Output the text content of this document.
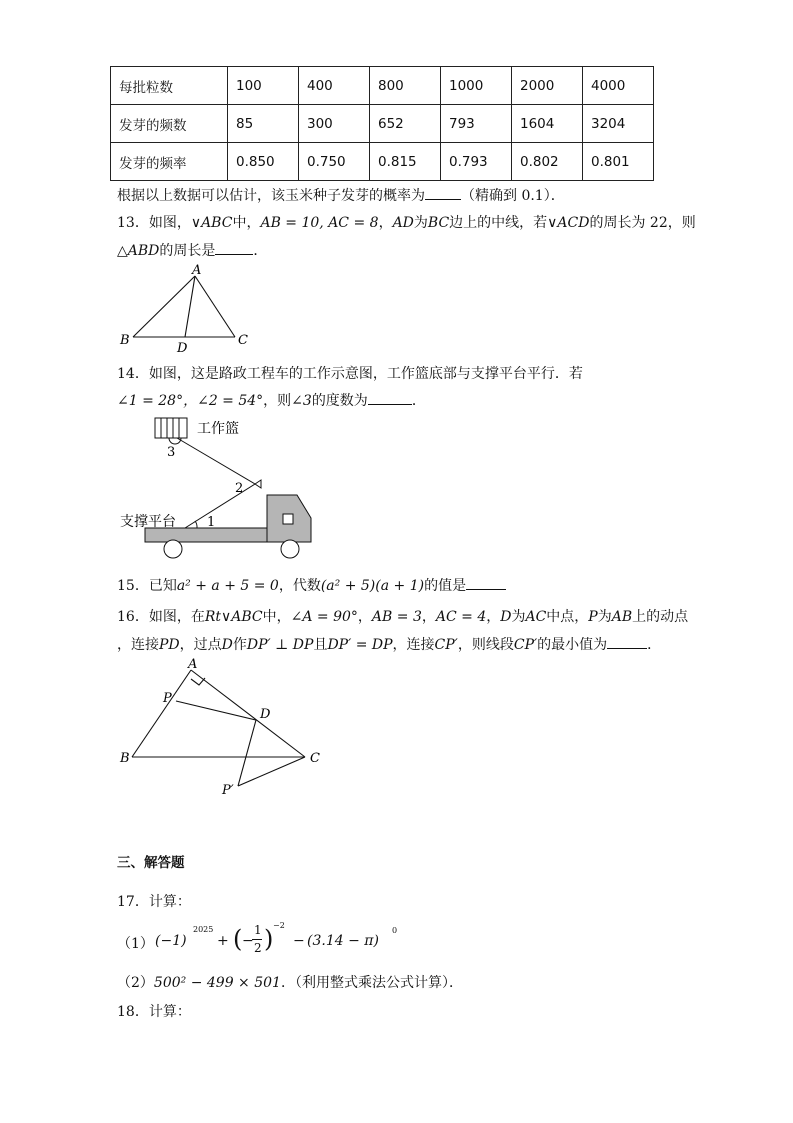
每批粒数	100	400	800	1000	2000	4000
发芽的频数	85	300	652	793	1604	3204
发芽的频率	0.850	0.750	0.815	0.793	0.802	0.801
根据以上数据可以估计，该玉米种子发芽的概率为	（精确到 0.1）．
13．如图，∨ABC中，AB = 10, AC = 8，AD为BC边上的中线，若∨ACD的周长为 22，则
△ABD的周长是	．
A
B	C
D
14．如图，这是路政工程车的工作示意图，工作篮底部与支撑平台平行．若
∠1 = 28°，∠2 = 54°，则∠3的度数为	．
工作篮
支撑平台
3
2
1
15．已知a² + a + 5 = 0，代数(a² + 5)(a + 1)的值是
16．如图，在Rt∨ABC中，∠A = 90°，AB = 3，AC = 4，D为AC中点，P为AB上的动点
，连接PD，过点D作DP′ ⊥ DP且DP′ = DP，连接CP′，则线段CP′的最小值为	．
A
P
D
B	C
P′
三、解答题
17．计算：
（1） (−1)
2025
+ ( −
1
2 ) −2
− (3.14 − π)
0
（2）500² − 499 × 501．（利用整式乘法公式计算）．
18．计算：
